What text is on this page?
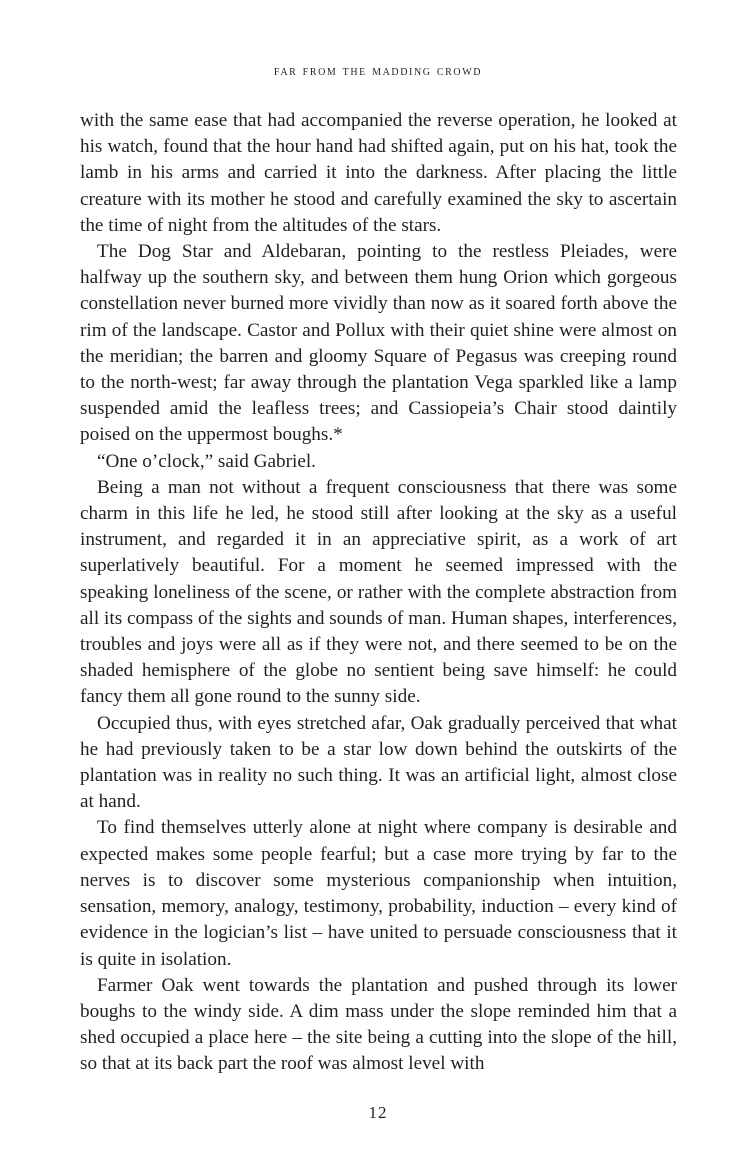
far from the madding crowd

with the same ease that had accompanied the reverse operation, he looked at his watch, found that the hour hand had shifted again, put on his hat, took the lamb in his arms and carried it into the darkness. After placing the little creature with its mother he stood and carefully examined the sky to ascertain the time of night from the altitudes of the stars.

The Dog Star and Aldebaran, pointing to the restless Pleiades, were halfway up the southern sky, and between them hung Orion which gorgeous constellation never burned more vividly than now as it soared forth above the rim of the landscape. Castor and Pollux with their quiet shine were almost on the meridian; the barren and gloomy Square of Pegasus was creeping round to the north-west; far away through the plantation Vega sparkled like a lamp suspended amid the leafless trees; and Cassiopeia’s Chair stood daintily poised on the uppermost boughs.*

“One o’clock,” said Gabriel.

Being a man not without a frequent consciousness that there was some charm in this life he led, he stood still after looking at the sky as a useful instrument, and regarded it in an appreciative spirit, as a work of art superlatively beautiful. For a moment he seemed impressed with the speaking loneliness of the scene, or rather with the complete abstraction from all its compass of the sights and sounds of man. Human shapes, interferences, troubles and joys were all as if they were not, and there seemed to be on the shaded hemisphere of the globe no sentient being save himself: he could fancy them all gone round to the sunny side.

Occupied thus, with eyes stretched afar, Oak gradually perceived that what he had previously taken to be a star low down behind the outskirts of the plantation was in reality no such thing. It was an artificial light, almost close at hand.

To find themselves utterly alone at night where company is desirable and expected makes some people fearful; but a case more trying by far to the nerves is to discover some mysterious companionship when intuition, sensation, memory, analogy, testimony, probability, induction – every kind of evidence in the logician’s list – have united to persuade consciousness that it is quite in isolation.

Farmer Oak went towards the plantation and pushed through its lower boughs to the windy side. A dim mass under the slope reminded him that a shed occupied a place here – the site being a cutting into the slope of the hill, so that at its back part the roof was almost level with

12
